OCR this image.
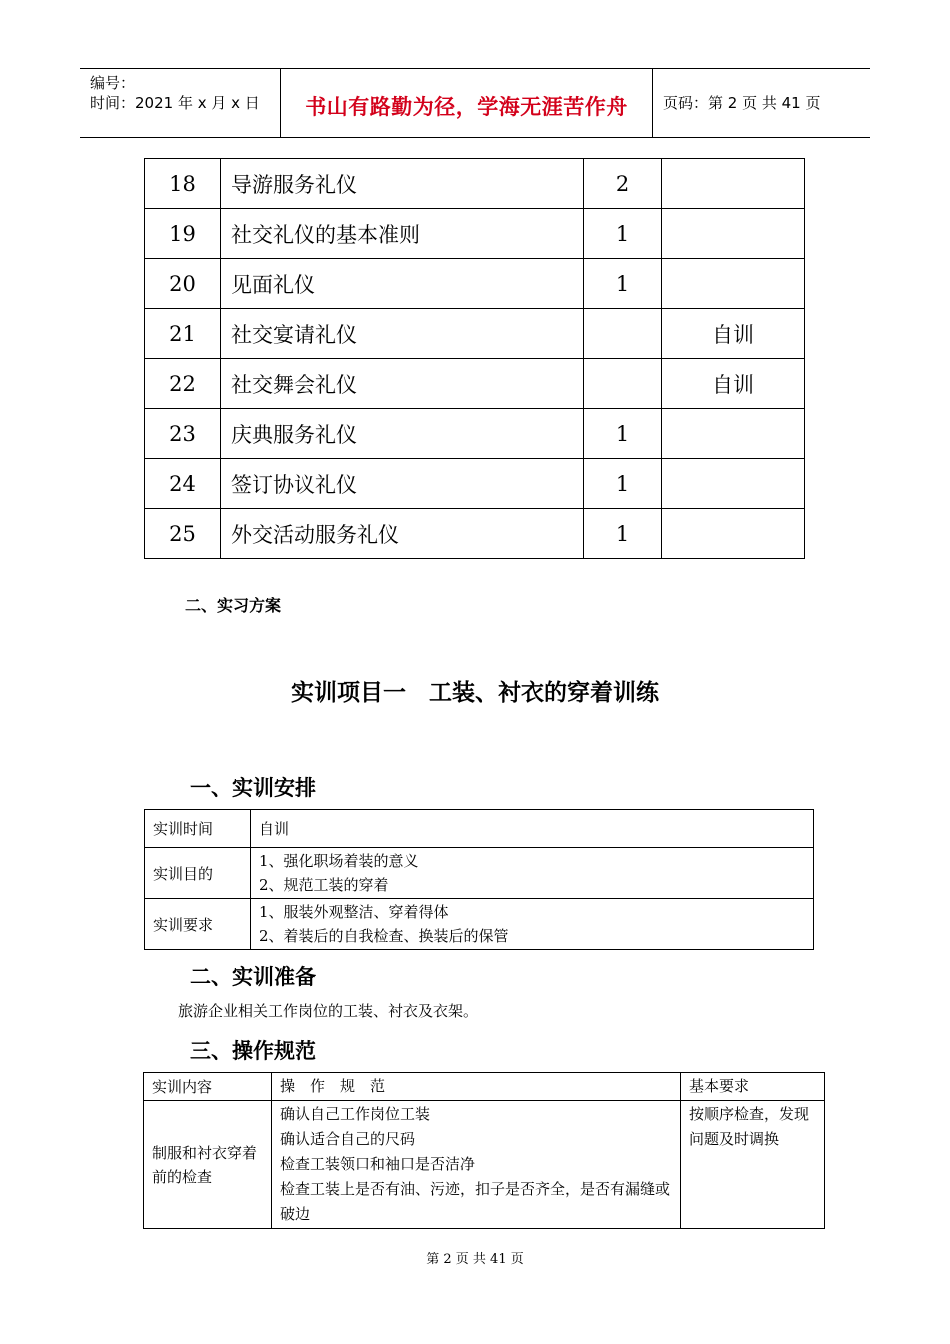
编号：
时间：2021 年 x 月 x 日	书山有路勤为径，学海无涯苦作舟	页码：第 2 页 共 41 页
18	导游服务礼仪	2	
19	社交礼仪的基本准则	1	
20	见面礼仪	1	
21	社交宴请礼仪		自训
22	社交舞会礼仪		自训
23	庆典服务礼仪	1	
24	签订协议礼仪	1	
25	外交活动服务礼仪	1	
二、实习方案
实训项目一　工装、衬衣的穿着训练
一、实训安排
实训时间	自训

实训目的	1、强化职场着装的意义
2、规范工装的穿着

实训要求	1、服装外观整洁、穿着得体
2、着装后的自我检查、换装后的保管
二、实训准备
旅游企业相关工作岗位的工装、衬衣及衣架。
三、操作规范
实训内容	操　作　规　范	基本要求
制服和衬衣穿着前的检查	确认自己工作岗位工装
确认适合自己的尺码
检查工装领口和袖口是否洁净
检查工装上是否有油、污迹，扣子是否齐全，是否有漏缝或破边	按顺序检查，发现问题及时调换
第 2 页 共 41 页
